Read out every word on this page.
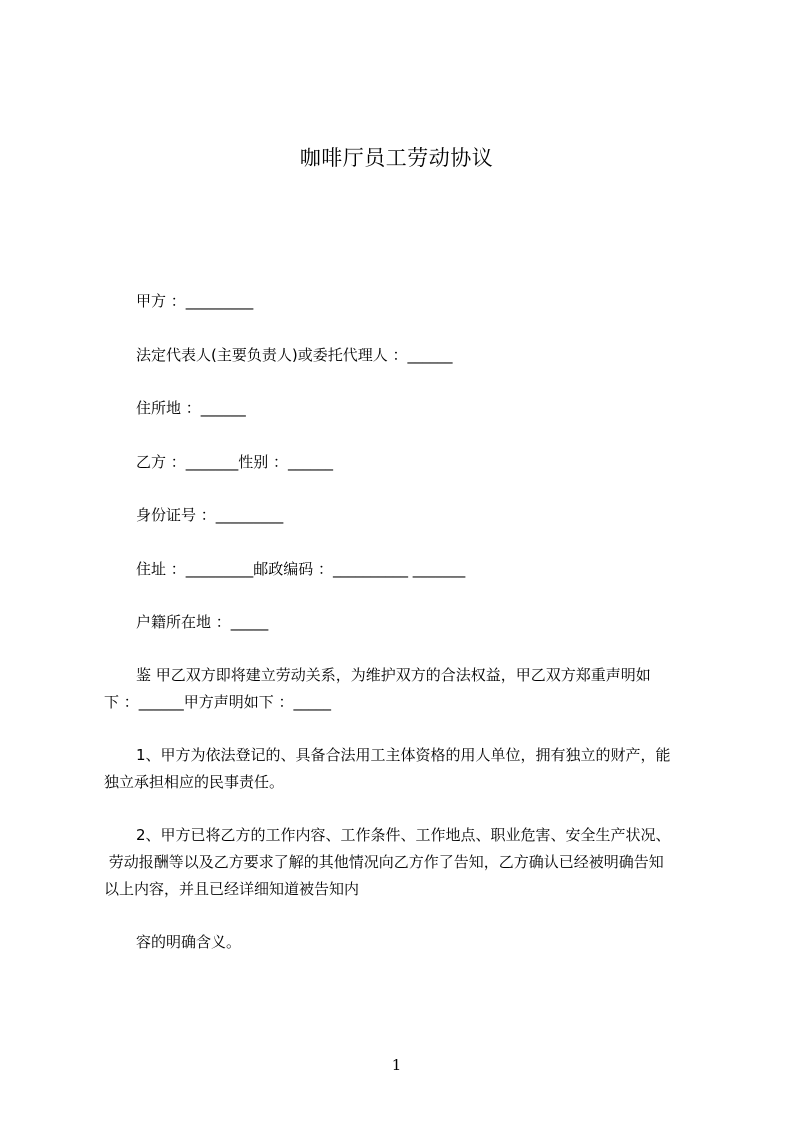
咖啡厅员工劳动协议
甲方 ：_________
法定代表人(主要负责人)或委托代理人 ：______
住所地 ：______
乙方 ：_______性别 ：______
身份证号 ：_________
住址 ：_________邮政编码 ：__________ _______
户籍所在地 ：_____
鉴 甲乙双方即将建立劳动关系，为维护双方的合法权益，甲乙双方郑重声明如
下 ：______甲方声明如下 ：_____
1、甲方为依法登记的、具备合法用工主体资格的用人单位，拥有独立的财产，能
独立承担相应的民事责任。
2、甲方已将乙方的工作内容、工作条件、工作地点、职业危害、安全生产状况、
劳动报酬等以及乙方要求了解的其他情况向乙方作了告知，乙方确认已经被明确告知
以上内容，并且已经详细知道被告知内
容的明确含义。
1
